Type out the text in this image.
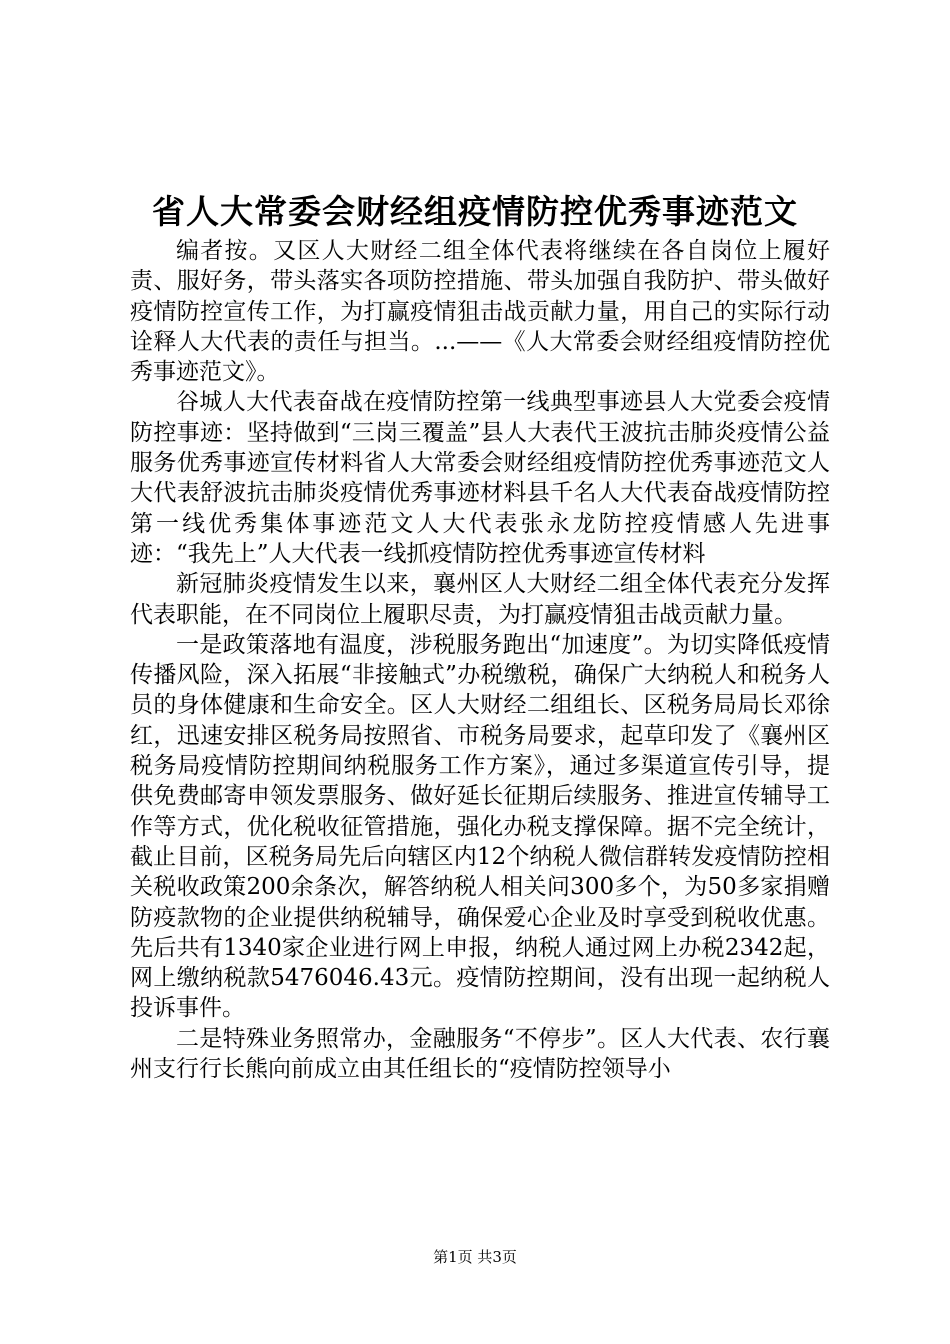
省人大常委会财经组疫情防控优秀事迹范文

编者按。又区人大财经二组全体代表将继续在各自岗位上履好责、服好务，带头落实各项防控措施、带头加强自我防护、带头做好疫情防控宣传工作，为打赢疫情狙击战贡献力量，用自己的实际行动诠释人大代表的责任与担当。...——《人大常委会财经组疫情防控优秀事迹范文》。

谷城人大代表奋战在疫情防控第一线典型事迹县人大党委会疫情防控事迹：坚持做到“三岗三覆盖”县人大表代王波抗击肺炎疫情公益服务优秀事迹宣传材料省人大常委会财经组疫情防控优秀事迹范文人大代表舒波抗击肺炎疫情优秀事迹材料县千名人大代表奋战疫情防控第一线优秀集体事迹范文人大代表张永龙防控疫情感人先进事迹：“我先上”人大代表一线抓疫情防控优秀事迹宣传材料

新冠肺炎疫情发生以来，襄州区人大财经二组全体代表充分发挥代表职能，在不同岗位上履职尽责，为打赢疫情狙击战贡献力量。

一是政策落地有温度，涉税服务跑出“加速度”。为切实降低疫情传播风险，深入拓展“非接触式”办税缴税，确保广大纳税人和税务人员的身体健康和生命安全。区人大财经二组组长、区税务局局长邓徐红，迅速安排区税务局按照省、市税务局要求，起草印发了《襄州区税务局疫情防控期间纳税服务工作方案》，通过多渠道宣传引导，提供免费邮寄申领发票服务、做好延长征期后续服务、推进宣传辅导工作等方式，优化税收征管措施，强化办税支撑保障。据不完全统计，截止目前，区税务局先后向辖区内12个纳税人微信群转发疫情防控相关税收政策200余条次，解答纳税人相关问300多个，为50多家捐赠防疫款物的企业提供纳税辅导，确保爱心企业及时享受到税收优惠。先后共有1340家企业进行网上申报，纳税人通过网上办税2342起，网上缴纳税款5476046.43元。疫情防控期间，没有出现一起纳税人投诉事件。

二是特殊业务照常办，金融服务“不停步”。区人大代表、农行襄州支行行长熊向前成立由其任组长的“疫情防控领导小

第1页 共3页
